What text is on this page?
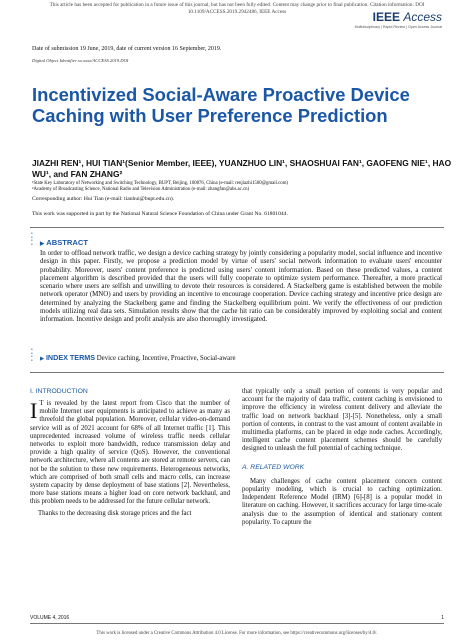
This article has been accepted for publication in a future issue of this journal, but has not been fully edited. Content may change prior to final publication. Citation information: DOI
10.1109/ACCESS.2019.2942486, IEEE Access	IEEE Access
Multidisciplinary | Rapid Review | Open Access Journal
Date of submission 19 June, 2019, date of current version 16 September, 2019.
Digital Object Identifier xx.xxxx/ACCESS.2019.DOI
Incentivized Social-Aware Proactive Device Caching with User Preference Prediction
JIAZHI REN¹, HUI TIAN¹(Senior Member, IEEE), YUANZHUO LIN¹, SHAOSHUAI FAN¹, GAOFENG NIE¹, HAO WU¹, and FAN ZHANG²
¹State Key Laboratory of Networking and Switching Technology, BUPT, Beijing, 100876, China (e-mail: renjiazhi1500@gmail.com)
²Academy of Broadcasting Science, National Radio and Television Administration (e-mail: zhangfan@abs.ac.cn)
Corresponding author: Hui Tian (e-mail: tianhui@bupt.edu.cn).
This work was supported in part by the National Natural Science Foundation of China under Grant No. 61801044.
•
•
•
•	▶ ABSTRACT
In order to offload network traffic, we design a device caching strategy by jointly considering a popularity model, social influence and incentive design in this paper. Firstly, we propose a prediction model by virtue of users' social network information to evaluate users' encounter probability. Moreover, users' content preference is predicted using users' content information. Based on these predicted values, a content placement algorithm is described provided that the users will fully cooperate to optimize system performance. Thereafter, a more practical scenario where users are selfish and unwilling to devote their resources is considered. A Stackelberg game is established between the mobile network operator (MNO) and users by providing an incentive to encourage cooperation. Device caching strategy and incentive price design are determined by analyzing the Stackelberg game and finding the Stackelberg equilibrium point. We verify the effectiveness of our prediction models utilizing real data sets. Simulation results show that the cache hit ratio can be considerably improved by exploiting social and content information. Incentive design and profit analysis are also thoroughly investigated.
•
•
•
•	▶ INDEX TERMS Device caching, Incentive, Proactive, Social-aware
I. INTRODUCTION
I T is revealed by the latest report from Cisco that the number of mobile Internet user equipments is anticipated to achieve as many as threefold the global population. Moreover, cellular video-on-demand service will as of 2021 account for 68% of all Internet traffic [1]. This unprecedented increased volume of wireless traffic needs cellular networks to exploit more bandwidth, reduce transmission delay and provide a high quality of service (QoS). However, the conventional network architecture, where all contents are stored at remote servers, can not be the solution to these new requirements. Heterogeneous networks, which are comprised of both small cells and macro cells, can increase system capacity by dense deployment of base stations [2]. Nevertheless, more base stations means a higher load on core network backhaul, and this problem needs to be addressed for the future cellular network.
Thanks to the decreasing disk storage prices and the fact
that typically only a small portion of contents is very popular and account for the majority of data traffic, content caching is envisioned to improve the efficiency in wireless content delivery and alleviate the traffic load on network backhaul [3]-[5]. Nonetheless, only a small portion of contents, in contrast to the vast amount of content available in multimedia platforms, can be placed in edge node caches. Accordingly, intelligent cache content placement schemes should be carefully designed to unleash the full potential of caching technique.
A. RELATED WORK
Many challenges of cache content placement concern content popularity modeling, which is crucial to caching optimization. Independent Reference Model (IRM) [6]-[8] is a popular model in literature on caching. However, it sacrifices accuracy for large time-scale analysis due to the assumption of identical and stationary content popularity. To capture the
VOLUME 4, 2016	1
This work is licensed under a Creative Commons Attribution 4.0 License. For more information, see https://creativecommons.org/licenses/by/4.0/.
